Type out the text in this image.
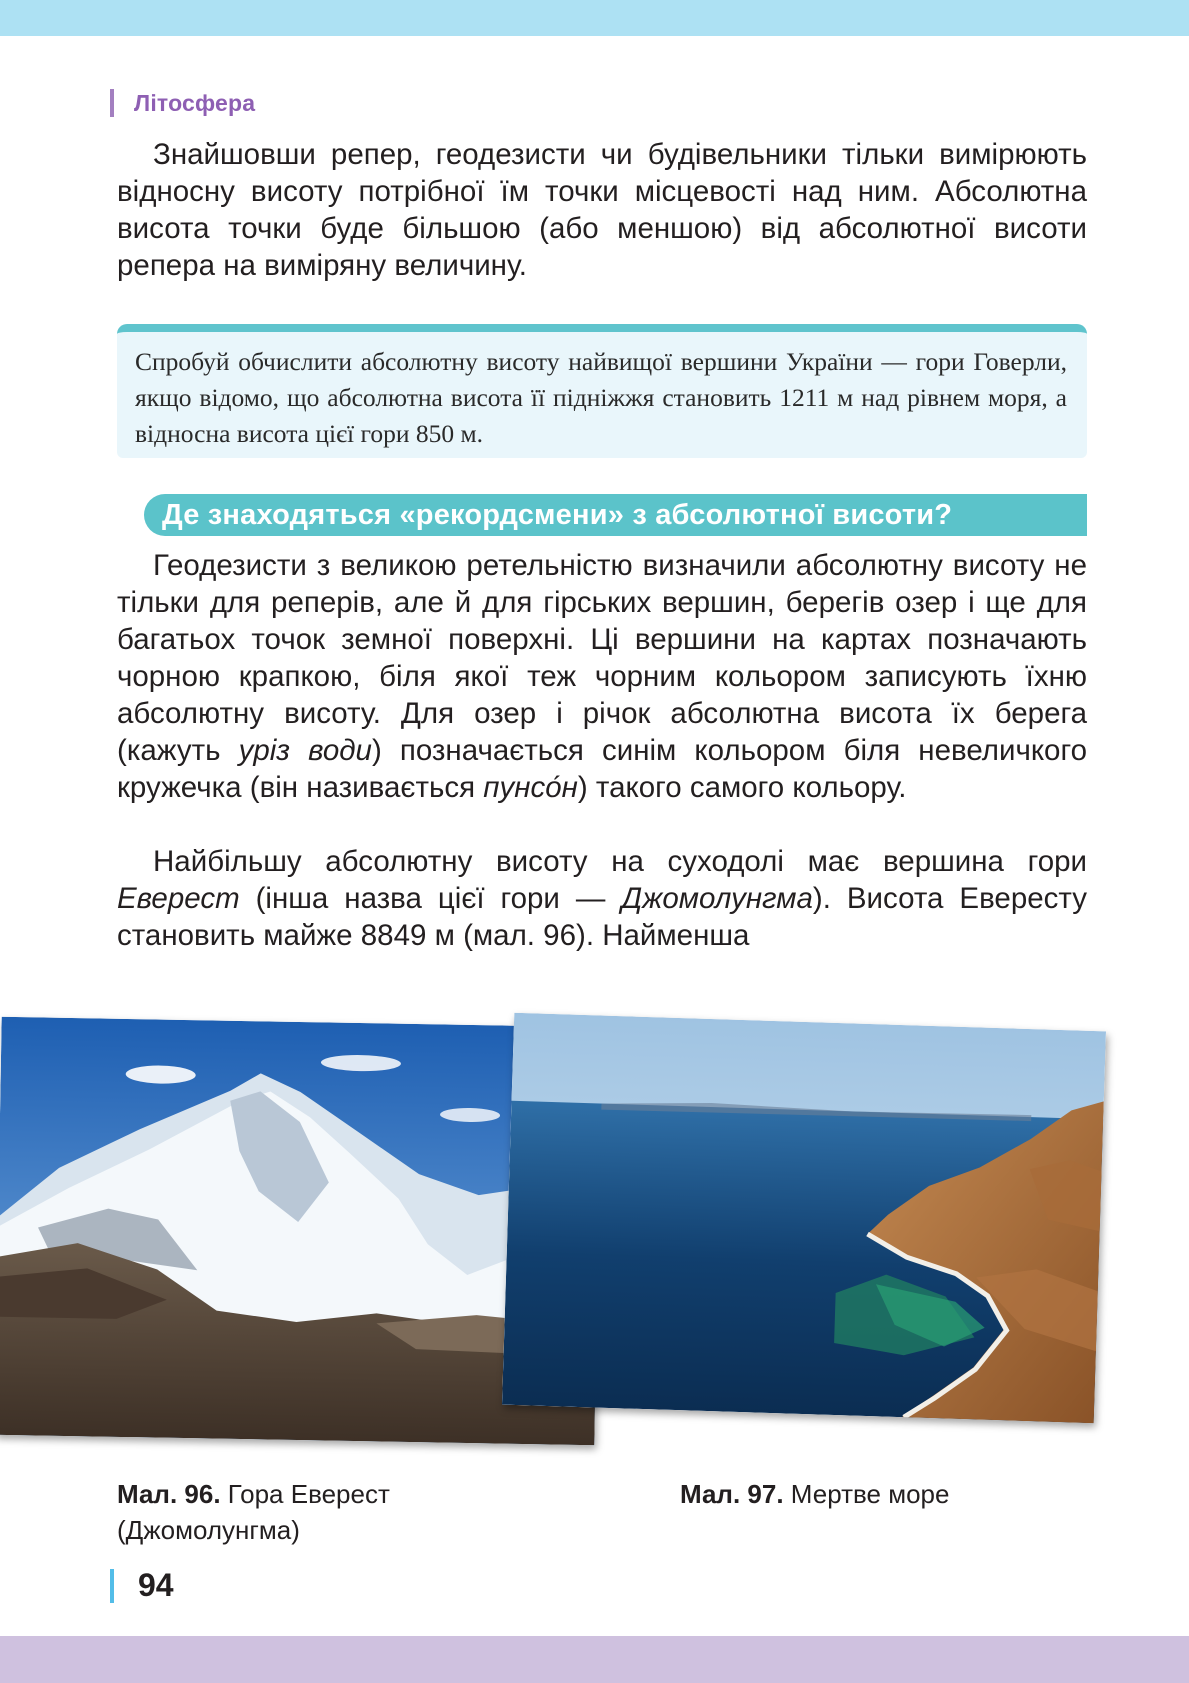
Літосфера

Знайшовши репер, геодезисти чи будівельники тільки вимірюють відносну висоту потрібної їм точки місцевості над ним. Абсолютна висота точки буде більшою (або меншою) від абсолютної висоти репера на виміряну величину.

Спробуй обчислити абсолютну висоту найвищої вершини України — гори Говерли, якщо відомо, що абсолютна висота її підніжжя становить 1211 м над рівнем моря, а відносна висота цієї гори 850 м.
Де знаходяться «рекордсмени» з абсолютної висоти?

Геодезисти з великою ретельністю визначили абсолютну висоту не тільки для реперів, але й для гірських вершин, берегів озер і ще для багатьох точок земної поверхні. Ці вершини на картах позначають чорною крапкою, біля якої теж чорним кольором записують їхню абсолютну висоту. Для озер і річок абсолютна висота їх берега (кажуть уріз води) позначається синім кольором біля невеличкого кружечка (він називається пунсо́н) такого самого кольору.

Найбільшу абсолютну висоту на суходолі має вершина гори Еверест (інша назва цієї гори — Джомолунгма). Висота Евересту становить майже 8849 м (мал. 96). Найменша

Мал. 96. Гора Еверест (Джомолунгма)
Мал. 97. Мертве море
94
